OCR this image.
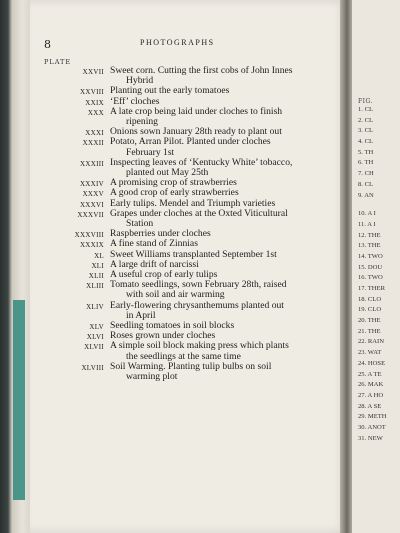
8	PHOTOGRAPHS
PLATE
XXVII Sweet corn. Cutting the first cobs of John Innes
Hybrid
XXVIII Planting out the early tomatoes
XXIX ‘Eff’ cloches
XXX A late crop being laid under cloches to finish
ripening
XXXI Onions sown January 28th ready to plant out
XXXII Potato, Arran Pilot. Planted under cloches
February 1st
XXXIII Inspecting leaves of ‘Kentucky White’ tobacco,
planted out May 25th
XXXIV A promising crop of strawberries
XXXV A good crop of early strawberries
XXXVI Early tulips. Mendel and Triumph varieties
XXXVII Grapes under cloches at the Oxted Viticultural
Station
XXXVIII Raspberries under cloches
XXXIX A fine stand of Zinnias
XL Sweet Williams transplanted September 1st
XLI A large drift of narcissi
XLII A useful crop of early tulips
XLIII Tomato seedlings, sown February 28th, raised
with soil and air warming
XLIV Early-flowering chrysanthemums planted out
in April
XLV Seedling tomatoes in soil blocks
XLVI Roses grown under cloches
XLVII A simple soil block making press which plants
the seedlings at the same time
XLVIII Soil Warming. Planting tulip bulbs on soil
warming plot
FIG.
1. CL
2. CL
3. CL
4. CL
5. TH
6. TH
7. CH
8. CL
9. AN
10. A I
11. A I
12. THE
13. THE
14. TWO
15. DOU
16. TWO
17. THER
18. CLO
19. CLO
20. THE
21. THE
22. RAIN
23. WAT
24. HOSE
25. A TE
26. MAK
27. A HO
28. A SE
29. METH
30. ANOT
31. NEW
